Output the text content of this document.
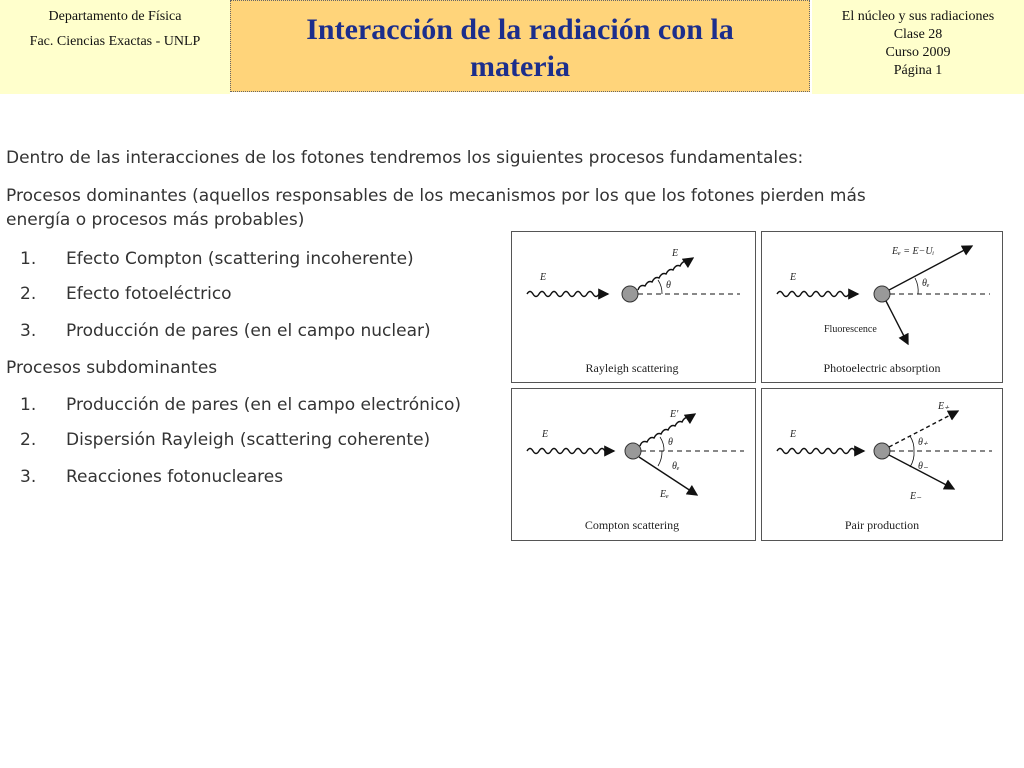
Departamento de Física
Fac. Ciencias Exactas - UNLP	Interacción de la radiación con la
materia
El núcleo y sus radiaciones
Clase 28
Curso 2009
Página 1
Dentro de las interacciones de los fotones tendremos los siguientes procesos fundamentales:
Procesos dominantes (aquellos responsables de los mecanismos por los que los fotones pierden más
energía o procesos más probables)
1. Efecto Compton (scattering incoherente)
2. Efecto fotoeléctrico
3. Producción de pares (en el campo nuclear)
Procesos subdominantes
1. Producción de pares (en el campo electrónico)
2. Dispersión Rayleigh (scattering coherente)
3. Reacciones fotonucleares
E
E
θ
Rayleigh scattering
E
Eₑ = E−Uᵢ
θₑ
Fluorescence
Photoelectric absorption
E
E'
θ
θₑ
Eₑ
Compton scattering
E
E₊
θ₊
θ₋
E₋
Pair production
